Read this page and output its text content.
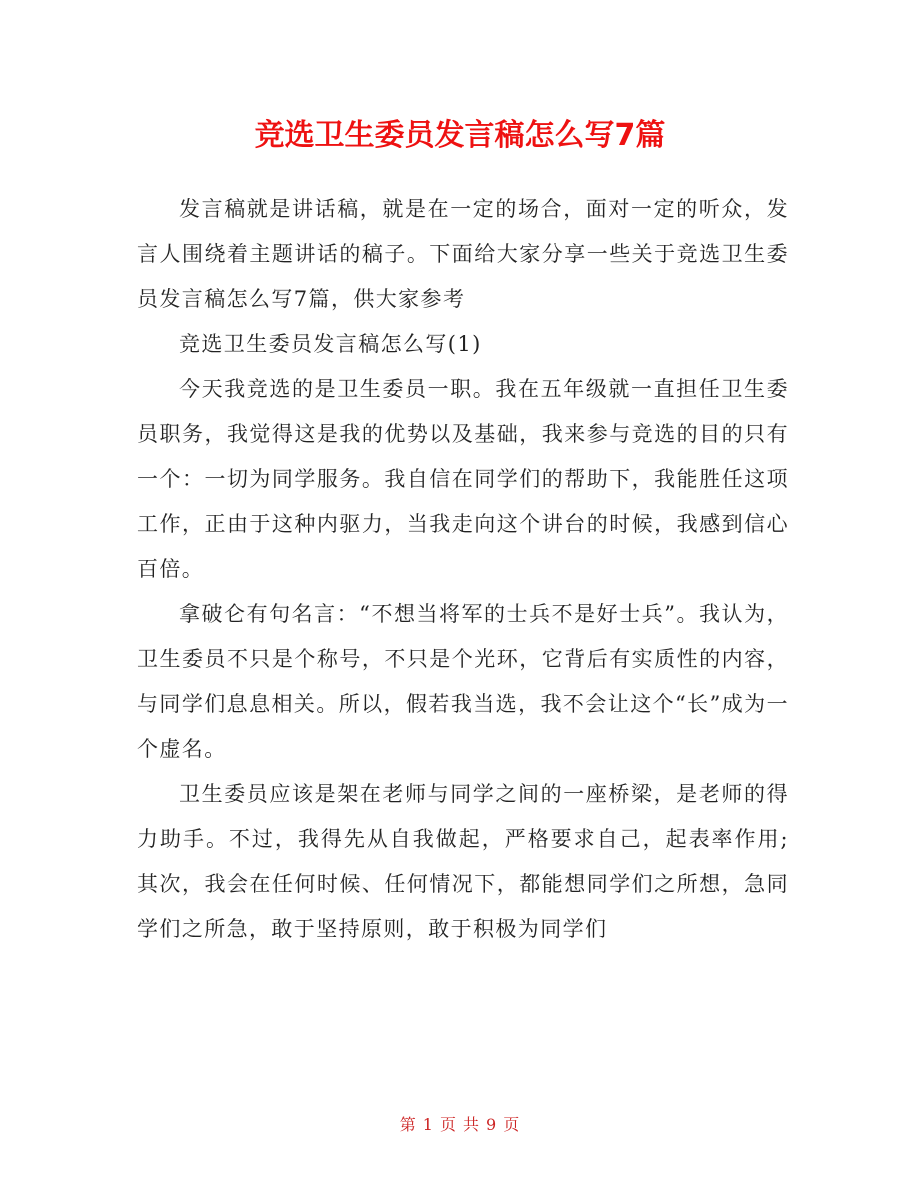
竞选卫生委员发言稿怎么写7篇

发言稿就是讲话稿，就是在一定的场合，面对一定的听众，发言人围绕着主题讲话的稿子。下面给大家分享一些关于竞选卫生委员发言稿怎么写7篇，供大家参考

竞选卫生委员发言稿怎么写(1)

今天我竞选的是卫生委员一职。我在五年级就一直担任卫生委员职务，我觉得这是我的优势以及基础，我来参与竞选的目的只有一个：一切为同学服务。我自信在同学们的帮助下，我能胜任这项工作，正由于这种内驱力，当我走向这个讲台的时候，我感到信心百倍。

拿破仑有句名言：“不想当将军的士兵不是好士兵”。我认为，卫生委员不只是个称号，不只是个光环，它背后有实质性的内容，与同学们息息相关。所以，假若我当选，我不会让这个“长”成为一个虚名。

卫生委员应该是架在老师与同学之间的一座桥梁，是老师的得力助手。不过，我得先从自我做起，严格要求自己，起表率作用;其次，我会在任何时候、任何情况下，都能想同学们之所想，急同学们之所急，敢于坚持原则，敢于积极为同学们

第 1 页 共 9 页
